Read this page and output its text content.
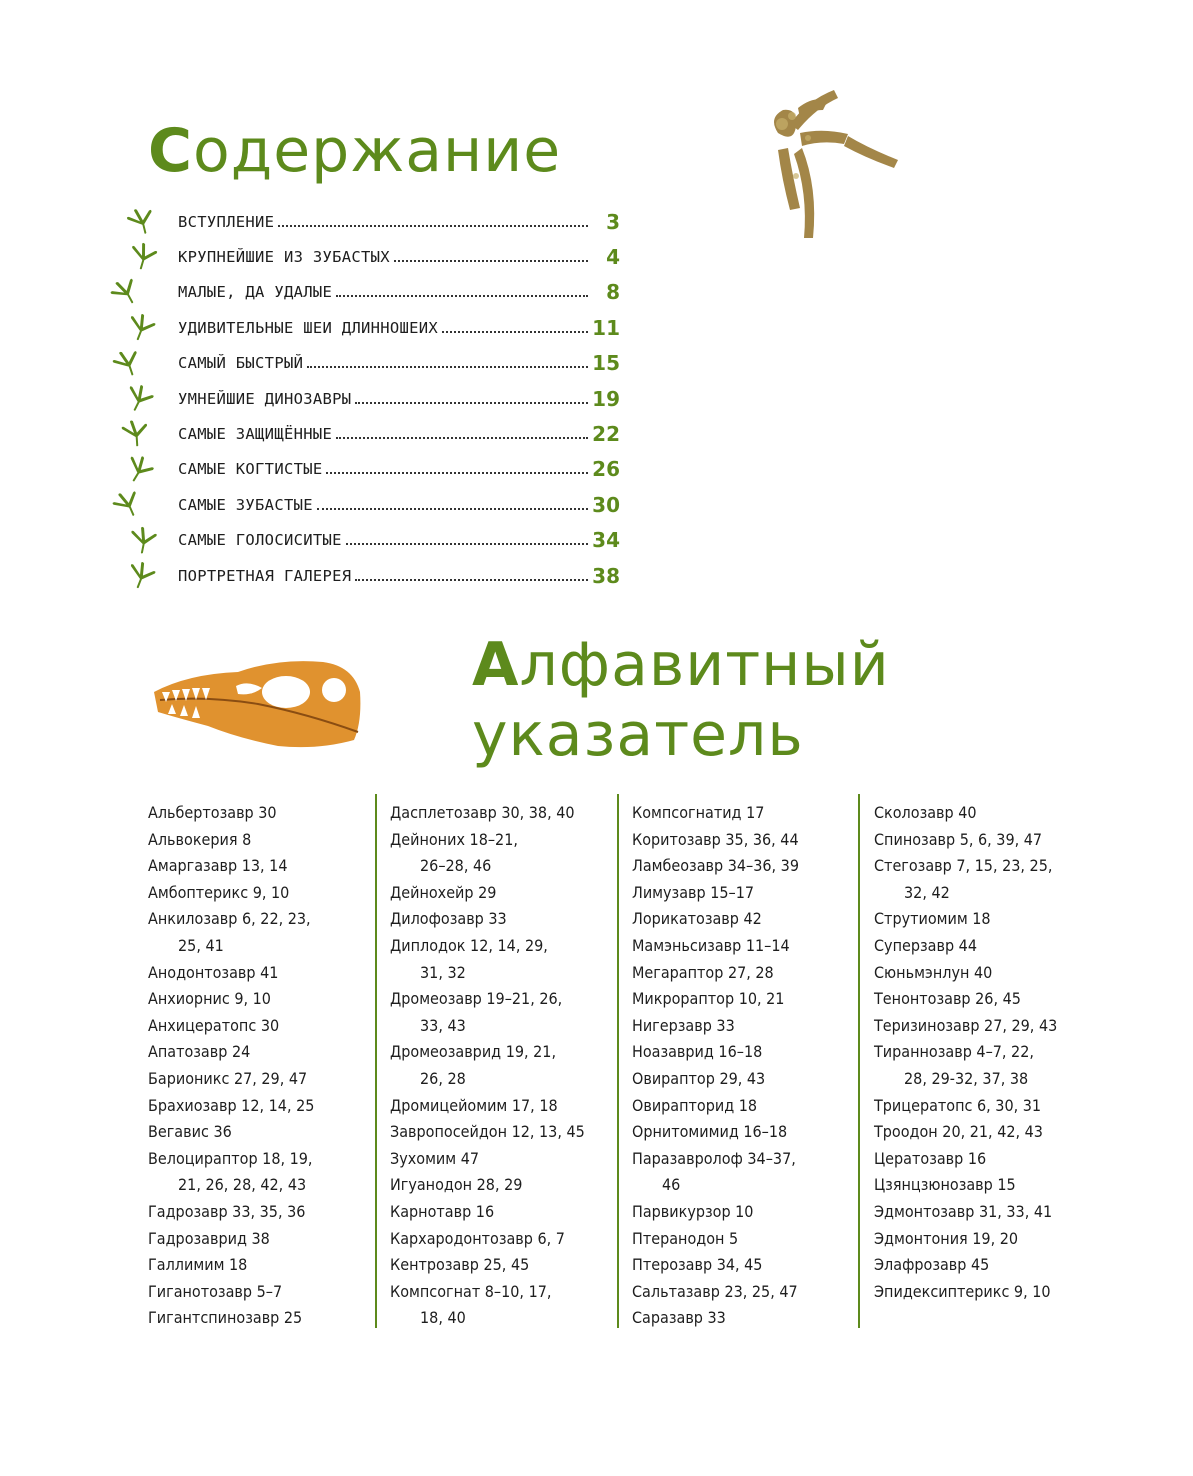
Содержание
ВСТУПЛЕНИЕ	3
КРУПНЕЙШИЕ ИЗ ЗУБАСТЫХ	4
МАЛЫЕ, ДА УДАЛЫЕ	8
УДИВИТЕЛЬНЫЕ ШЕИ ДЛИННОШЕИХ	11
САМЫЙ БЫСТРЫЙ	15
УМНЕЙШИЕ ДИНОЗАВРЫ	19
САМЫЕ ЗАЩИЩЁННЫЕ	22
САМЫЕ КОГТИСТЫЕ	26
САМЫЕ ЗУБАСТЫЕ	30
САМЫЕ ГОЛОСИСИТЫЕ	34
ПОРТРЕТНАЯ ГАЛЕРЕЯ	38
Алфавитный
указатель
Альбертозавр 30
Альвокерия 8
Амаргазавр 13, 14
Амбоптерикс 9, 10
Анкилозавр 6, 22, 23,
25, 41
Анодонтозавр 41
Анхиорнис 9, 10
Анхицератопс 30
Апатозавр 24
Барионикс 27, 29, 47
Брахиозавр 12, 14, 25
Вегавис 36
Велоцираптор 18, 19,
21, 26, 28, 42, 43
Гадрозавр 33, 35, 36
Гадрозаврид 38
Галлимим 18
Гиганотозавр 5–7
Гигантспинозавр 25
Дасплетозавр 30, 38, 40
Дейноних 18–21,
26–28, 46
Дейнохейр 29
Дилофозавр 33
Диплодок 12, 14, 29,
31, 32
Дромеозавр 19–21, 26,
33, 43
Дромеозаврид 19, 21,
26, 28
Дромицейомим 17, 18
Завропосейдон 12, 13, 45
Зухомим 47
Игуанодон 28, 29
Карнотавр 16
Кархародонтозавр 6, 7
Кентрозавр 25, 45
Компсогнат 8–10, 17,
18, 40
Компсогнатид 17
Коритозавр 35, 36, 44
Ламбеозавр 34–36, 39
Лимузавр 15–17
Лорикатозавр 42
Мамэньсизавр 11–14
Мегараптор 27, 28
Микрораптор 10, 21
Нигерзавр 33
Ноазаврид 16–18
Овираптор 29, 43
Овирапторид 18
Орнитомимид 16–18
Паразавролоф 34–37,
46
Парвикурзор 10
Птеранодон 5
Птерозавр 34, 45
Сальтазавр 23, 25, 47
Саразавр 33
Сколозавр 40
Спинозавр 5, 6, 39, 47
Стегозавр 7, 15, 23, 25,
32, 42
Струтиомим 18
Суперзавр 44
Сюньмэнлун 40
Тенонтозавр 26, 45
Теризинозавр 27, 29, 43
Тираннозавр 4–7, 22,
28, 29-32, 37, 38
Трицератопс 6, 30, 31
Троодон 20, 21, 42, 43
Цератозавр 16
Цзянцзюнозавр 15
Эдмонтозавр 31, 33, 41
Эдмонтония 19, 20
Элафрозавр 45
Эпидексиптерикс 9, 10
